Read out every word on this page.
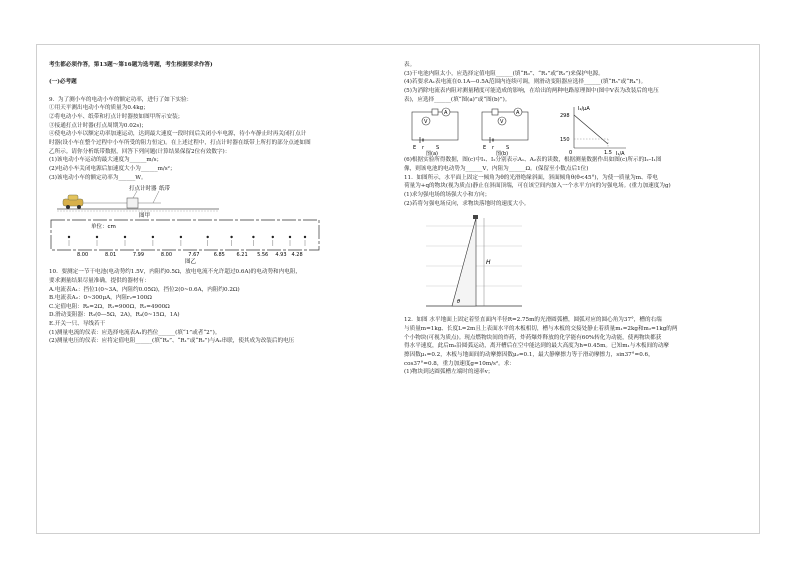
考生都必须作答，第13题～第16题为选考题，考生根据要求作答)

(一)必考题

9.  为了测小车的电动小车的额定功率，进行了如下实验：
①用天平测出电动小车的质量为0.4kg；
②将电动小车、纸带和打点计时器按如图甲所示安装；
③接通打点计时器(打点周期为0.02s)；
④使电动小车以额定功率加速运动，达到最大速度一段时间后关闭小车电源，待小车静止时再关闭打点计
时器(设小车在整个过程中小车所受的阻力恒定)。在上述过程中，打点计时器在纸带上所打的部分点迹如图
乙所示。请你分析纸带数据，回答下列问题(计算结果保留2位有效数字)：
(1)该电动小车运动的最大速度为______m/s；
(2)电动小车关闭电源后加速度大小为______m/s²；
(3)该电动小车的额定功率为______W。
打点计时器 纸带
图甲
单位：cm
8.00	8.01	7.99	8.00	7.67	6.85 6.21 5.56 4.93 4.28
图乙
10.  要测定一节干电池(电动势约1.5V，内阻约0.5Ω，放电电流不允许超过0.6A)的电动势和内电阻，
要求测量结果尽量准确，提供的器材有：
A.电流表A₁：挡位1(0~3A，内阻约0.05Ω)，挡位2(0~0.6A，内阻约0.2Ω)
B.电流表A₂：0~300μA，内阻r₂=100Ω
C.定值电阻：R₀=2Ω，R₁=900Ω，R₂=4900Ω
D.滑动变阻器：R₃(0—5Ω，2A)，R₄(0~15Ω，1A)
E.开关一只、导线若干
(1)测量电流的仪表：应选择电流表A₁的挡位______(填“1”或者“2”)。
(2)测量电压的仪表：应将定值电阻______(填“R₀”、“R₁”或“R₂”)与A₂串联，使其成为改装后的电压
表。
(3)干电池内阻太小，应选择定值电阻______(填“R₀”、“R₁”或“R₂”)来保护电源。
(4)若要求A₁表电流在0.1A—0.5A范围内连续可调，则滑动变阻器应选择______(填“R₃”或“R₄”)。
(5)为消除电流表内阻对测量精度可能造成的影响，在给出的两种电路原理图中(图中V表为改装后的电压
表)，应选择______(填“图(a)”或“图(b)”)。
V
A
E r S
图(a)
V
A
E r S
图(b)
I₂/μA
I₁/A
298
150
0	1.5
(6)根据实验所得数据，图(c)中I₁、I₂分别表示A₁、A₂表的读数，根据测量数据作出如图(c)所示的I₂–I₁图
像，则该电池的电动势为______V，内阻为______Ω。(保留至小数点后1位)
11.  如图所示，水平面上固定一倾角为θ的光滑绝缘斜面，斜面倾角θ(θ<45°)，为使一质量为m、带电
荷量为+q的物块(视为质点)静止在斜面顶端，可在该空间内加入一个水平方向的匀强电场。(重力加速度为g)
(1)求匀强电场的场强大小和方向；
(2)若将匀强电场反向，求物块落地时的速度大小。
H
θ
12.  如图 水平地面上固定着竖直面内半径R=2.75m的光滑圆弧槽，圆弧对应的圆心角为37°，槽的右端
与质量m=1kg、长度L=2m且上表面水平的木板相切，槽与木板的交接处静止着质量m₁=2kg和m₂=1kg的两
个小物块(可视为质点)。现点燃物块间的炸药，炸药爆炸释放的化学能有60%转化为动能，使两物块都获
得水平速度，此后m₂沿圆弧运动，离开槽后在空中能达到的最大高度为h=0.45m。已知m₁与木板间的动摩
擦因数μ₁=0.2，木板与地面间的动摩擦因数μ₂=0.1，最大静摩擦力等于滑动摩擦力，sin37°=0.6，
cos37°=0.8，重力加速度g=10m/s²。求：
(1)物块到达圆弧槽左端时的速率v；
